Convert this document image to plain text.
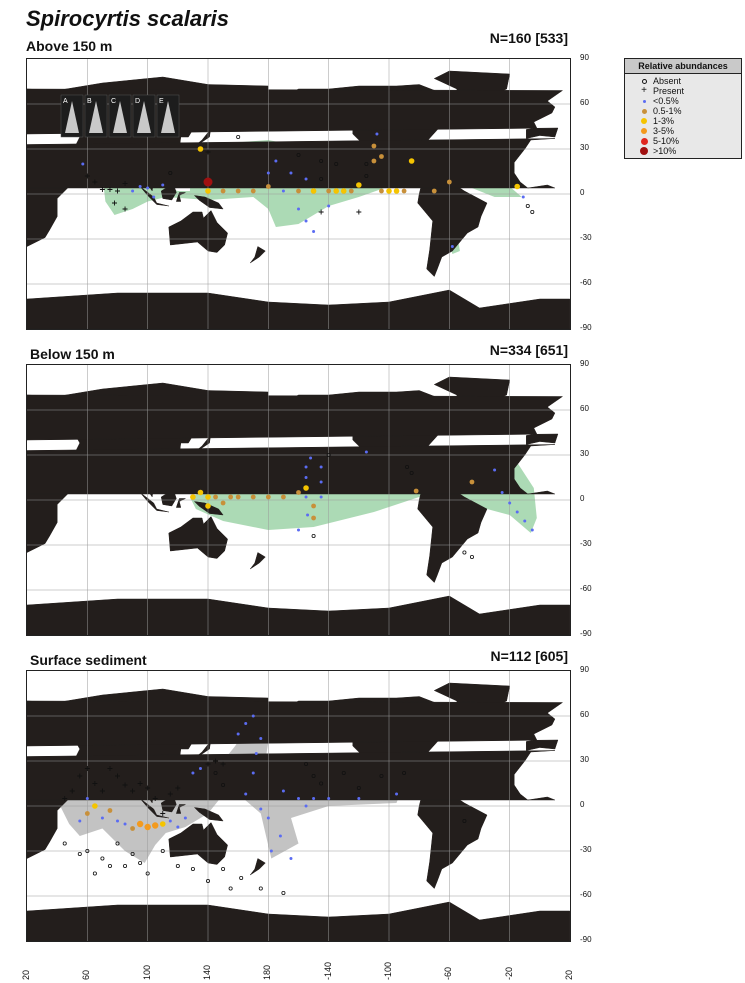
Spirocyrtis scalaris
Above 150 m	N=160 [533]
Below 150 m	N=334 [651]
Surface sediment	N=112 [605]
A	B	C	D	E
90
60
30
0
-30
-60
-90
90
60
30
0
-30
-60
-90
90
60
30
0
-30
-60
-90
20	60	100	140	180	-140	-100	-60	-20	20
Relative abundances
Absent
+ Present
<0.5%
0.5-1%
1-3%
3-5%
5-10%
>10%
